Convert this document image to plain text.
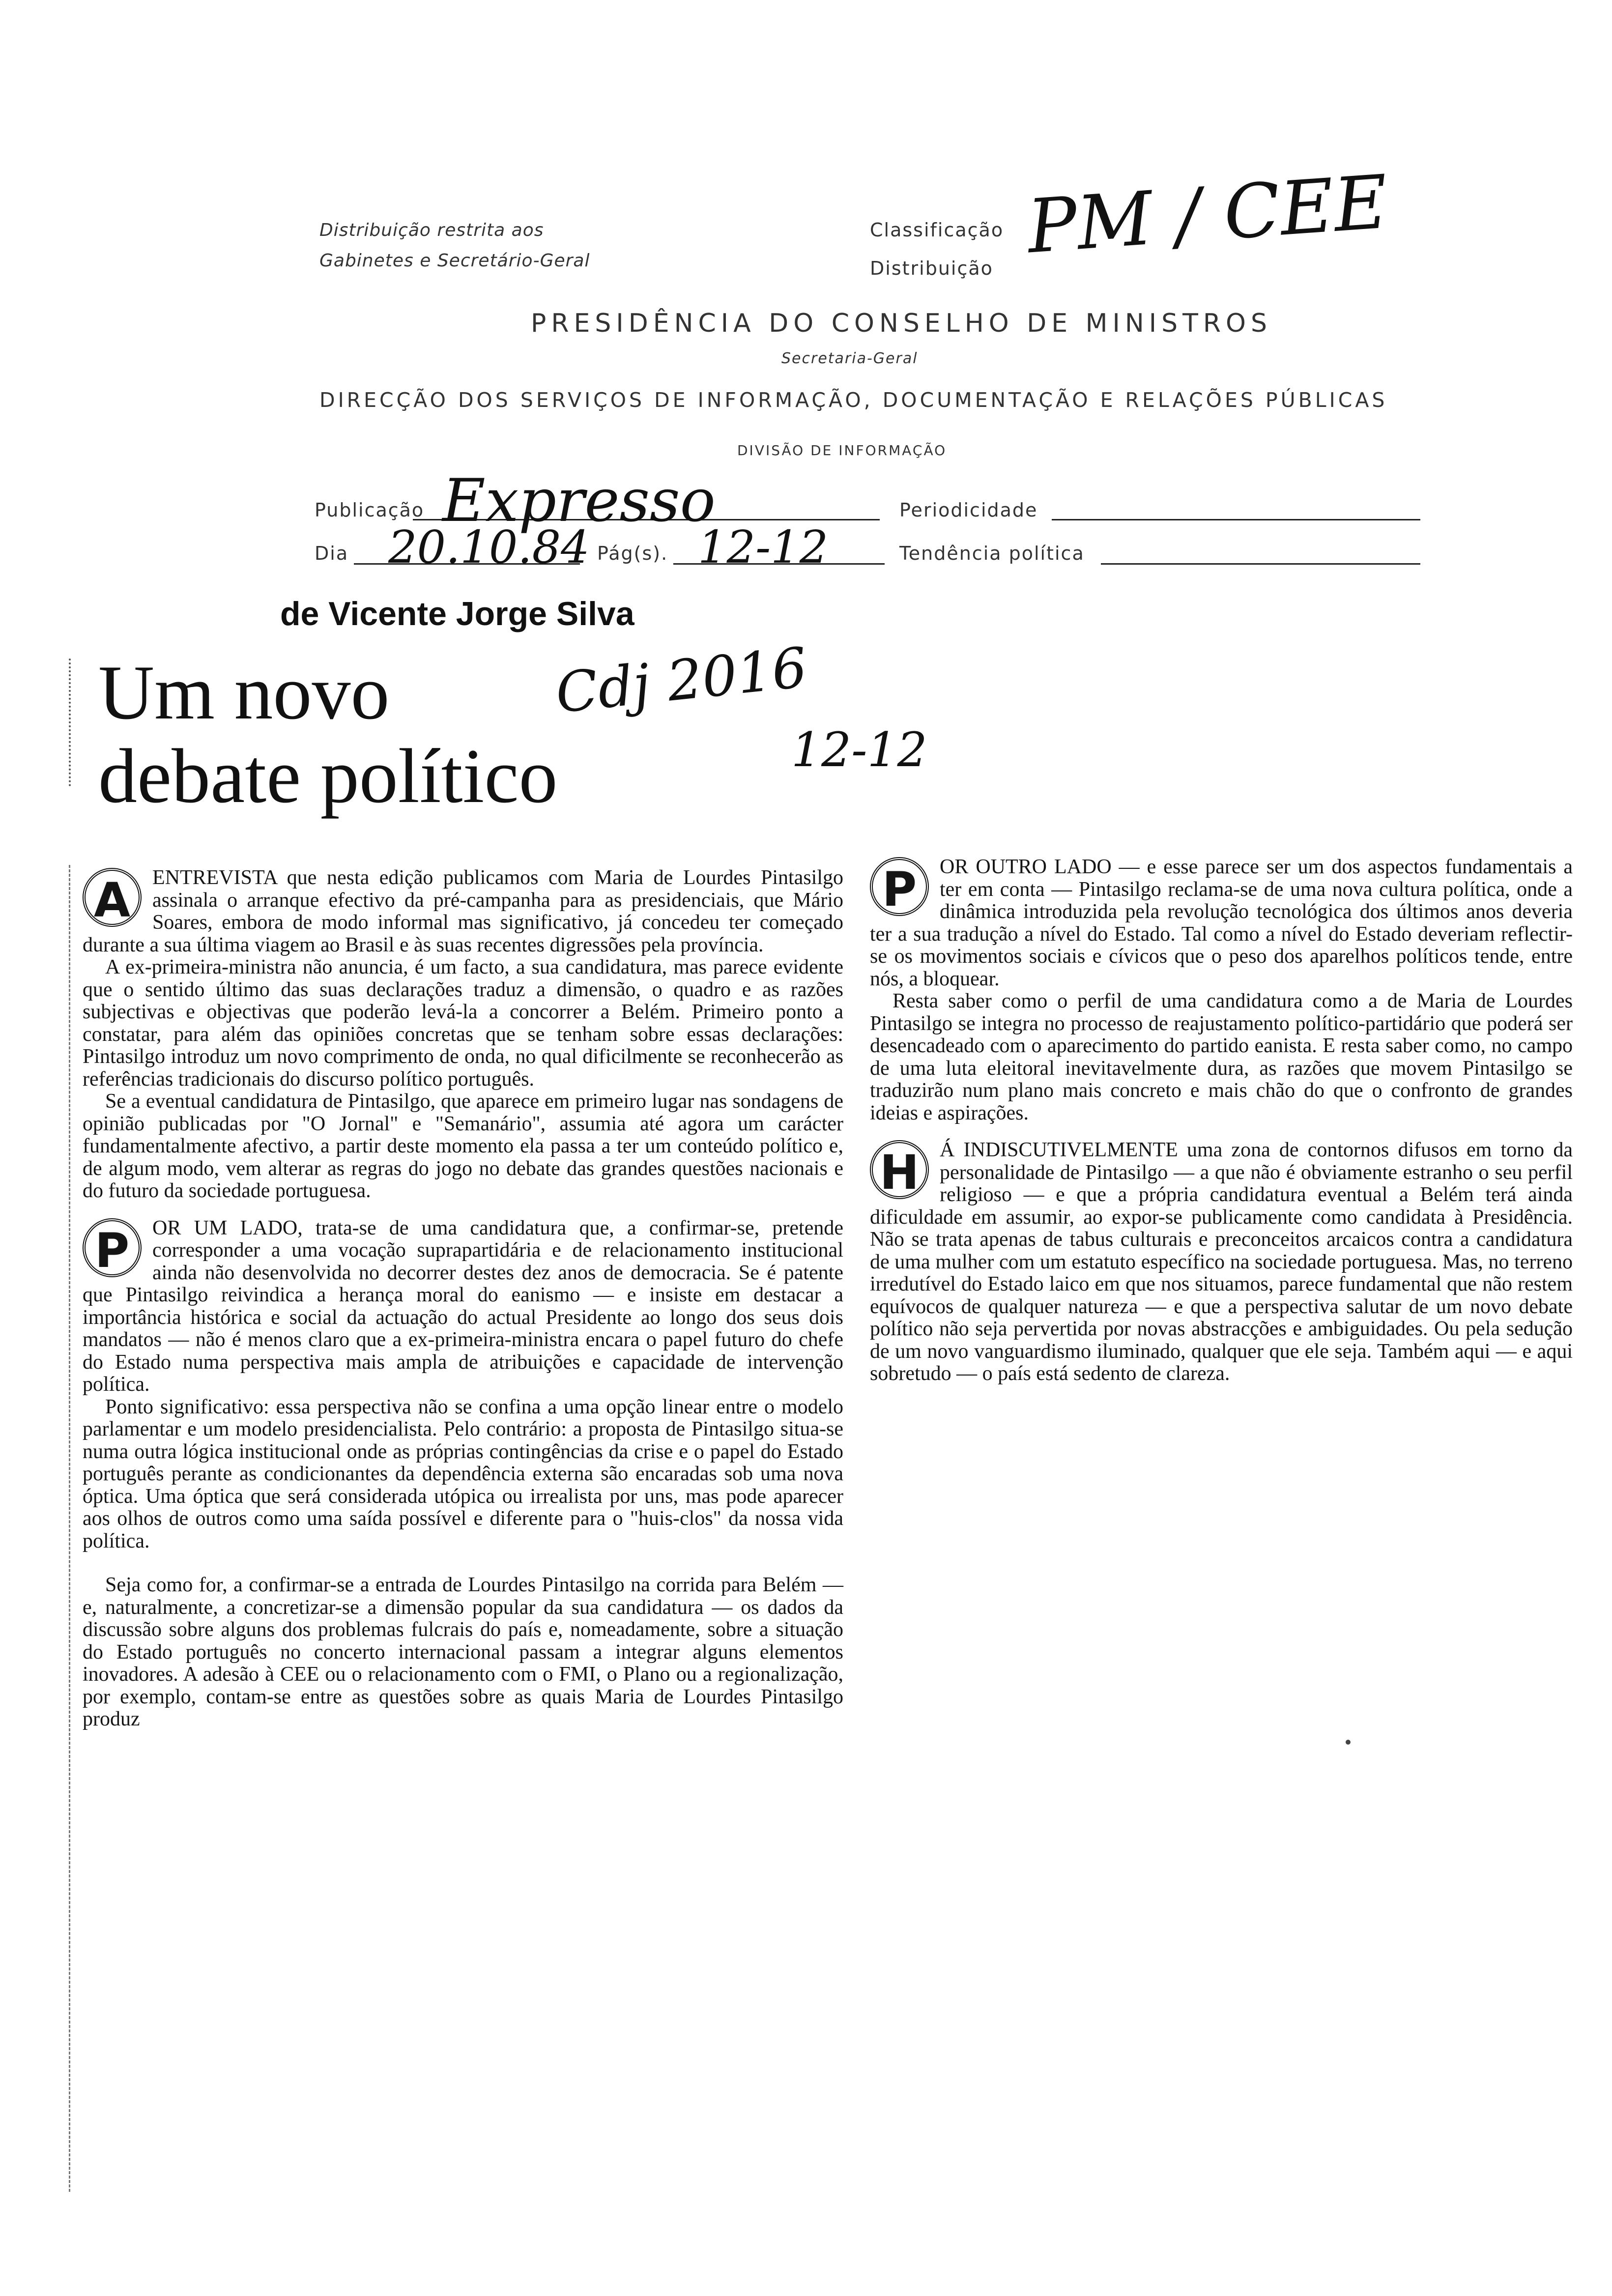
Distribuição restrita aos
Gabinetes e Secretário-Geral
Classificação PM / CEE
Distribuição
PRESIDÊNCIA DO CONSELHO DE MINISTROS
Secretaria-Geral
DIRECÇÃO DOS SERVIÇOS DE INFORMAÇÃO, DOCUMENTAÇÃO E RELAÇÕES PÚBLICAS
DIVISÃO DE INFORMAÇÃO
Publicação Expresso	Periodicidade
Dia 20.10.84 Pág(s). 12-12	Tendência política
de Vicente Jorge Silva
Um novo
debate político
Cdj 2016
12-12

A	ENTREVISTA que nesta edição publicamos com Maria de Lourdes Pintasilgo assinala o arranque efectivo da pré-campanha para as presidenciais, que Mário Soares, embora de modo informal mas significativo, já concedeu ter começado durante a sua última viagem ao Brasil e às suas recentes digressões pela província.

A ex-primeira-ministra não anuncia, é um facto, a sua candidatura, mas parece evidente que o sentido último das suas declarações traduz a dimensão, o quadro e as razões subjectivas e objectivas que poderão levá-la a concorrer a Belém. Primeiro ponto a constatar, para além das opiniões concretas que se tenham sobre essas declarações: Pintasilgo introduz um novo comprimento de onda, no qual dificilmente se reconhecerão as referências tradicionais do discurso político português.

Se a eventual candidatura de Pintasilgo, que aparece em primeiro lugar nas sondagens de opinião publicadas por "O Jornal" e "Semanário", assumia até agora um carácter fundamentalmente afectivo, a partir deste momento ela passa a ter um conteúdo político e, de algum modo, vem alterar as regras do jogo no debate das grandes questões nacionais e do futuro da sociedade portuguesa.

P	OR UM LADO, trata-se de uma candidatura que, a confirmar-se, pretende corresponder a uma vocação suprapartidária e de relacionamento institucional ainda não desenvolvida no decorrer destes dez anos de democracia. Se é patente que Pintasilgo reivindica a herança moral do eanismo — e insiste em destacar a importância histórica e social da actuação do actual Presidente ao longo dos seus dois mandatos — não é menos claro que a ex-primeira-ministra encara o papel futuro do chefe do Estado numa perspectiva mais ampla de atribuições e capacidade de intervenção política.

Ponto significativo: essa perspectiva não se confina a uma opção linear entre o modelo parlamentar e um modelo presidencialista. Pelo contrário: a proposta de Pintasilgo situa-se numa outra lógica institucional onde as próprias contingências da crise e o papel do Estado português perante as condicionantes da dependência externa são encaradas sob uma nova óptica. Uma óptica que será considerada utópica ou irrealista por uns, mas pode aparecer aos olhos de outros como uma saída possível e diferente para o "huis-clos" da nossa vida política.

Seja como for, a confirmar-se a entrada de Lourdes Pintasilgo na corrida para Belém — e, naturalmente, a concretizar-se a dimensão popular da sua candidatura — os dados da discussão sobre alguns dos problemas fulcrais do país e, nomeadamente, sobre a situação do Estado português no concerto internacional passam a integrar alguns elementos inovadores. A adesão à CEE ou o relacionamento com o FMI, o Plano ou a regionalização, por exemplo, contam-se entre as questões sobre as quais Maria de Lourdes Pintasilgo produz

P	OR OUTRO LADO — e esse parece ser um dos aspectos fundamentais a ter em conta — Pintasilgo reclama-se de uma nova cultura política, onde a dinâmica introduzida pela revolução tecnológica dos últimos anos deveria ter a sua tradução a nível do Estado. Tal como a nível do Estado deveriam reflectir-se os movimentos sociais e cívicos que o peso dos aparelhos políticos tende, entre nós, a bloquear.

Resta saber como o perfil de uma candidatura como a de Maria de Lourdes Pintasilgo se integra no processo de reajustamento político-partidário que poderá ser desencadeado com o aparecimento do partido eanista. E resta saber como, no campo de uma luta eleitoral inevitavelmente dura, as razões que movem Pintasilgo se traduzirão num plano mais concreto e mais chão do que o confronto de grandes ideias e aspirações.

H Á INDISCUTIVELMENTE uma zona de contornos difusos em torno da personalidade de Pintasilgo — a que não é obviamente estranho o seu perfil religioso — e que a própria candidatura eventual a Belém terá ainda dificuldade em assumir, ao expor-se publicamente como candidata à Presidência. Não se trata apenas de tabus culturais e preconceitos arcaicos contra a candidatura de uma mulher com um estatuto específico na sociedade portuguesa. Mas, no terreno irredutível do Estado laico em que nos situamos, parece fundamental que não restem equívocos de qualquer natureza — e que a perspectiva salutar de um novo debate político não seja pervertida por novas abstracções e ambiguidades. Ou pela sedução de um novo vanguardismo iluminado, qualquer que ele seja. Também aqui — e aqui sobretudo — o país está sedento de clareza.
